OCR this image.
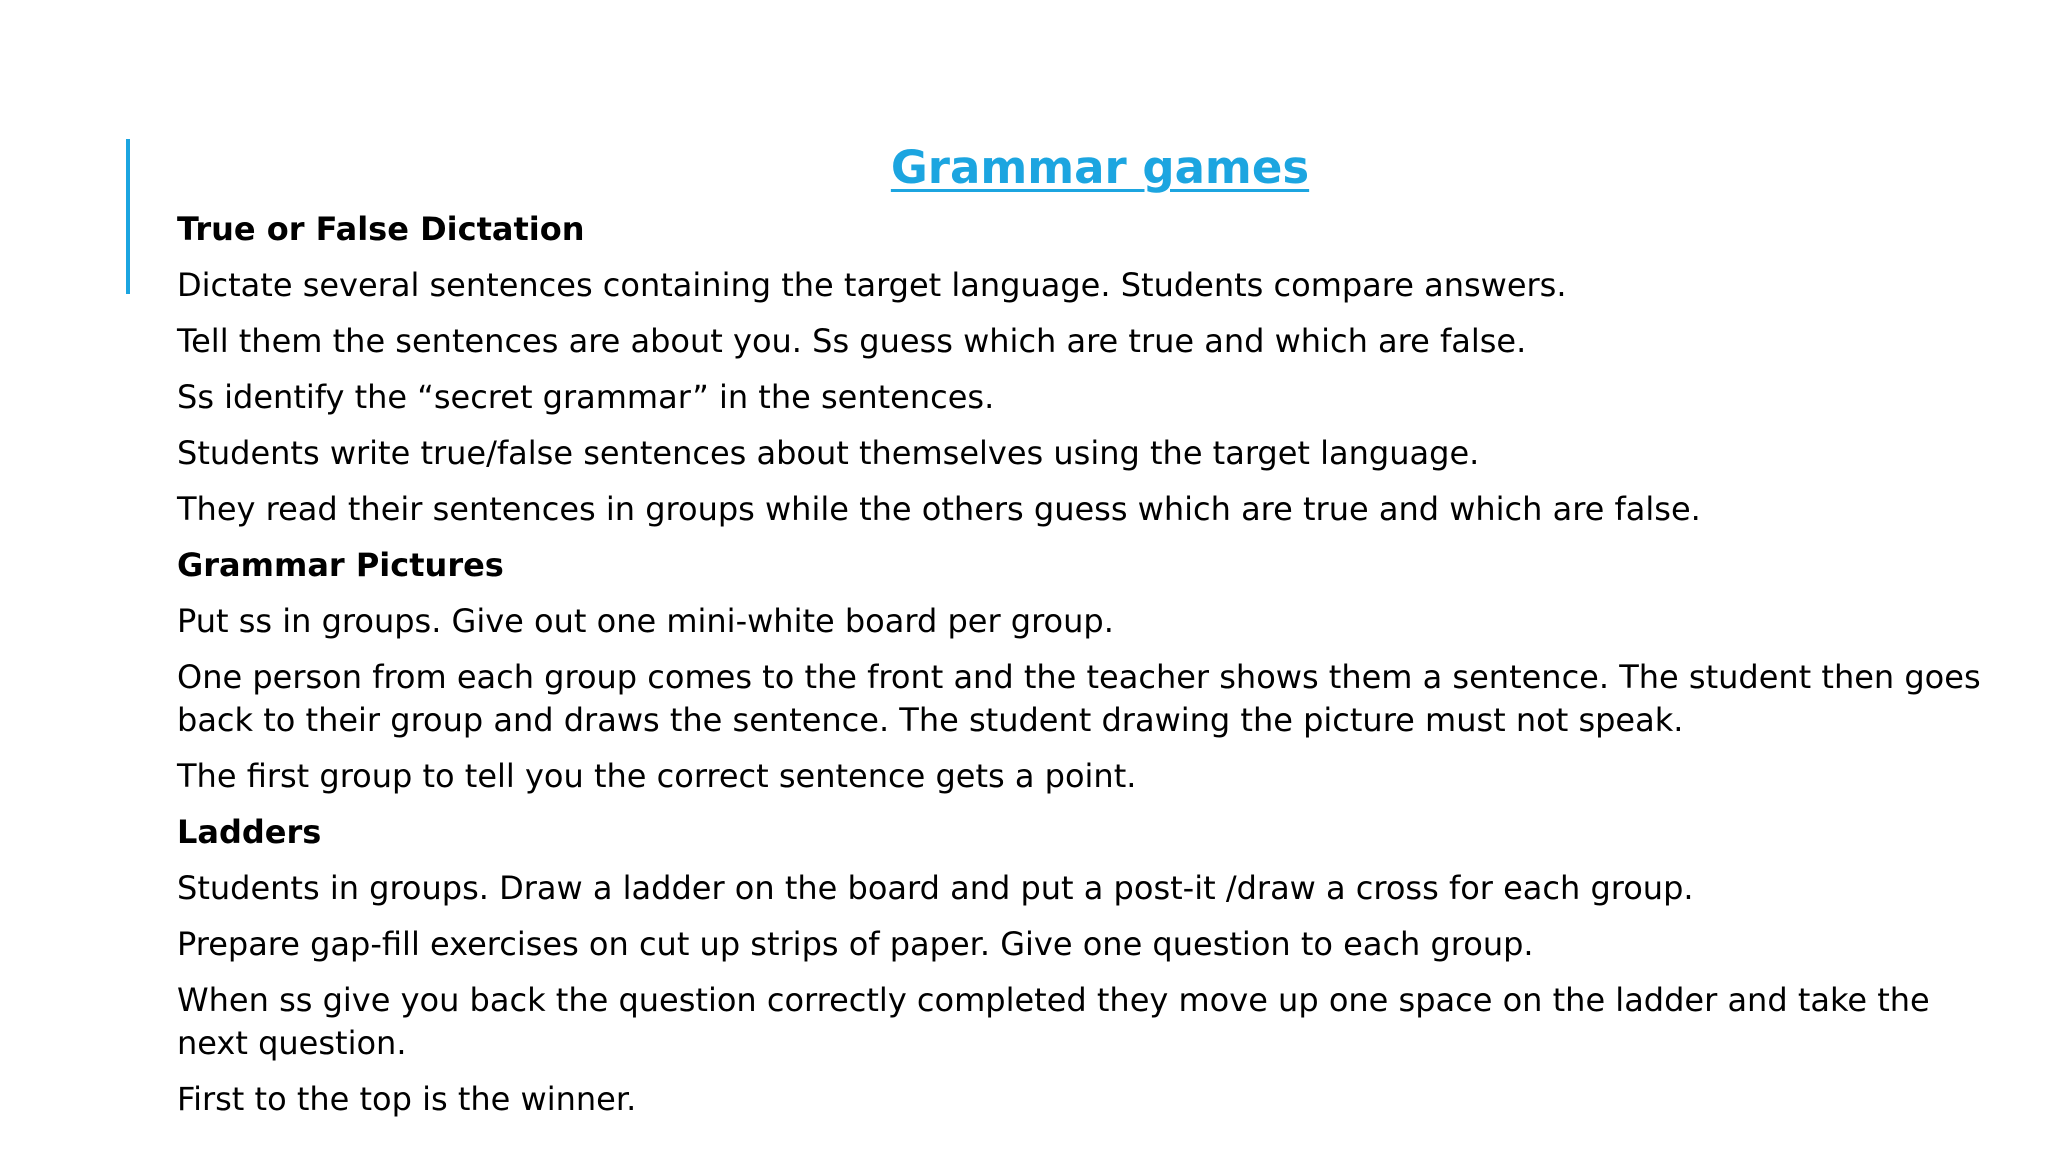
Grammar games
True or False Dictation
Dictate several sentences containing the target language. Students compare answers.
Tell them the sentences are about you. Ss guess which are true and which are false.
Ss identify the “secret grammar” in the sentences.
Students write true/false sentences about themselves using the target language.
They read their sentences in groups while the others guess which are true and which are false.
Grammar Pictures
Put ss in groups. Give out one mini-white board per group.
One person from each group comes to the front and the teacher shows them a sentence. The student then goes back to their group and draws the sentence. The student drawing the picture must not speak.
The first group to tell you the correct sentence gets a point.
Ladders
Students in groups. Draw a ladder on the board and put a post-it /draw a cross for each group.
Prepare gap-fill exercises on cut up strips of paper. Give one question to each group.
When ss give you back the question correctly completed they move up one space on the ladder and take the next question.
First to the top is the winner.
